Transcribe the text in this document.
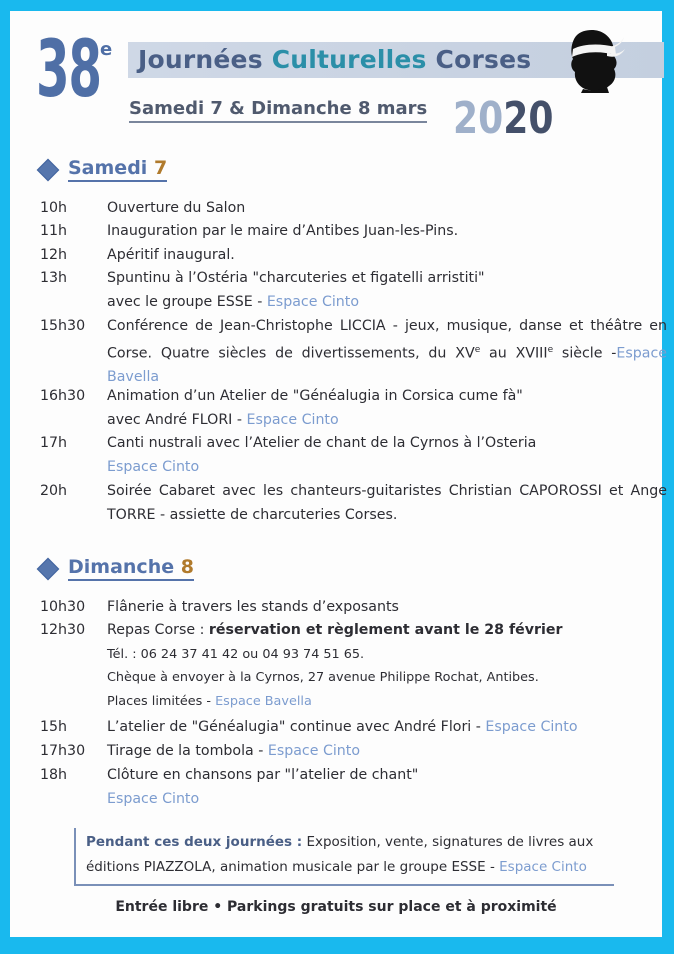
38 e Journées Culturelles Corses
Samedi 7 & Dimanche 8 mars 2020
Samedi 7
10h	Ouverture du Salon
11h	Inauguration par le maire d’Antibes Juan-les-Pins.
12h	Apéritif inaugural.
13h	Spuntinu à l’Ostéria "charcuteries et figatelli arristiti"
avec le groupe ESSE - Espace Cinto
15h30 Conférence de Jean-Christophe LICCIA - jeux, musique, danse et théâtre en Corse. Quatre siècles de divertissements, du XVe au XVIIIe siècle -Espace Bavella
16h30 Animation d’un Atelier de "Généalugia in Corsica cume fà"
avec André FLORI - Espace Cinto
17h	Canti nustrali avec l’Atelier de chant de la Cyrnos à l’Osteria
Espace Cinto
20h	Soirée Cabaret avec les chanteurs-guitaristes Christian CAPOROSSI et Ange TORRE - assiette de charcuteries Corses.
Dimanche 8
10h30 Flânerie à travers les stands d’exposants
12h30 Repas Corse : réservation et règlement avant le 28 février
Tél. : 06 24 37 41 42 ou 04 93 74 51 65.
Chèque à envoyer à la Cyrnos, 27 avenue Philippe Rochat, Antibes.
Places limitées - Espace Bavella
15h	L’atelier de "Généalugia" continue avec André Flori - Espace Cinto
17h30 Tirage de la tombola - Espace Cinto
18h	Clôture en chansons par "l’atelier de chant"
Espace Cinto
Pendant ces deux journées : Exposition, vente, signatures de livres aux éditions PIAZZOLA, animation musicale par le groupe ESSE - Espace Cinto
Entrée libre • Parkings gratuits sur place et à proximité
